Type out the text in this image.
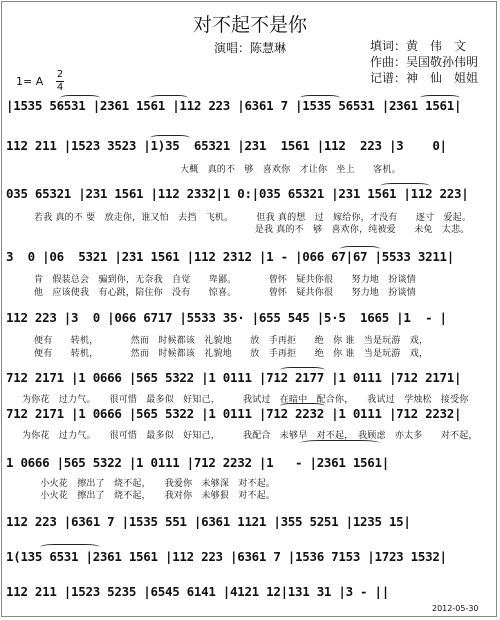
对不起不是你
演唱：陈慧琳	填词：黄　伟　文
作曲：吴国敬孙伟明
记谱：神　仙　姐姐
1= A
2
4
|1535 56531 |2361 1561 |112 223 |6361 7 |1535 56531 |2361 1561|
112 211 |1523 3523 |1)35  65321 |231  1561 |112  223 |3    0|
大概　真的不　够　喜欢你　才让你　坐上　　客机。
035 65321 |231 1561 |112 2332|1 0:|035 65321 |231 1561 |112 223|
若我 真的不 要　放走你，谁又怕　去挡　飞机。　　　但我 真的想　过　嫁给你，才没有　　逐寸　爱起。
　　　　　　　　　　　　　　　　　　　　　　　　是我 真的不　够　喜欢你，纯被爱　　未免　太悲。
3  0 |06  5321 |231 1561 |112 2312 |1 - |066 67|67 |5533 3211|
肯　假装总会　骗到你，无奈我　自觉　　卑鄙。　　　　曾怀　疑共你很　　努力地　扮谈情
他　应该使我　有心跳，陪住你　没有　　惊喜。　　　　曾怀　疑共你很　　努力地　扮谈情
112 223 |3  0 |066 6717 |5533 35· |655 545 |5·5  1665 |1  - |
便有　　转机，　　　　然而　时候都该　礼貌地　　放　手再拒　　绝　你 谁　当是玩游　戏，
便有　　转机，　　　　然而　时候都该　礼貌地　　放　手再拒　　绝　你 谁　当是玩游　戏，
712 2171 |1 0666 |565 5322 |1 0111 |712 2177 |1 0111 |712 2171|
为你花　过力气。　　很可惜　最多似　好知己，　　　我试过　在暗中　配合你，　　我试过　学烛松　接受你
712 2171 |1 0666 |565 5322 |1 0111 |712 2232 |1 0111 |712 2232|
为你花　过力气。　　很可惜　最多似　好知己，　　　我配合　未够早　对不起，　我顾虑　亦太多　　对不起，
1 0666 |565 5322 |1 0111 |712 2232 |1   - |2361 1561|
　　小火花　擦出了　烧不起，　　我爱你　未够深　对不起。
　　小火花　擦出了　烧不起，　　我对你　未够狠　对不起。
112 223 |6361 7 |1535 551 |6361 1121 |355 5251 |1235 15|
1(135 6531 |2361 1561 |112 223 |6361 7 |1536 7153 |1723 1532|
112 211 |1523 5235 |6545 6141 |4121 12|131 31 |3 - ||
2012-05-30
